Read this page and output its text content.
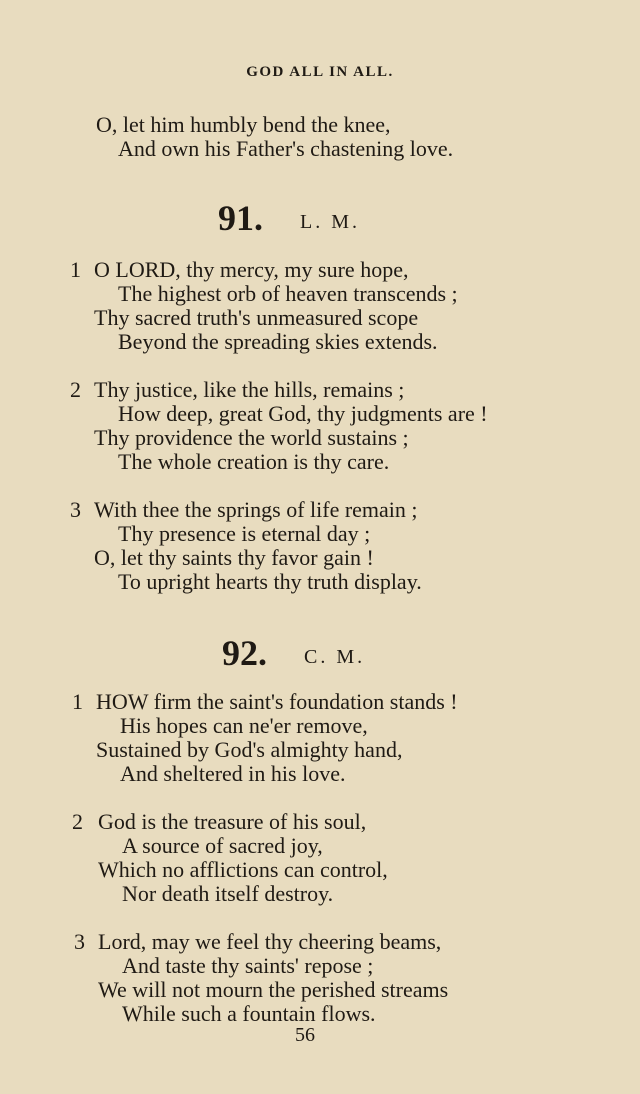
GOD ALL IN ALL.
O, let him humbly bend the knee,
And own his Father's chastening love.
91. L. M.
1 O LORD, thy mercy, my sure hope,
The highest orb of heaven transcends ;
Thy sacred truth's unmeasured scope
Beyond the spreading skies extends.
2 Thy justice, like the hills, remains ;
How deep, great God, thy judgments are !
Thy providence the world sustains ;
The whole creation is thy care.
3 With thee the springs of life remain ;
Thy presence is eternal day ;
O, let thy saints thy favor gain !
To upright hearts thy truth display.
92. C. M.
1 HOW firm the saint's foundation stands !
His hopes can ne'er remove,
Sustained by God's almighty hand,
And sheltered in his love.
2 God is the treasure of his soul,
A source of sacred joy,
Which no afflictions can control,
Nor death itself destroy.
3 Lord, may we feel thy cheering beams,
And taste thy saints' repose ;
We will not mourn the perished streams
While such a fountain flows.
56
